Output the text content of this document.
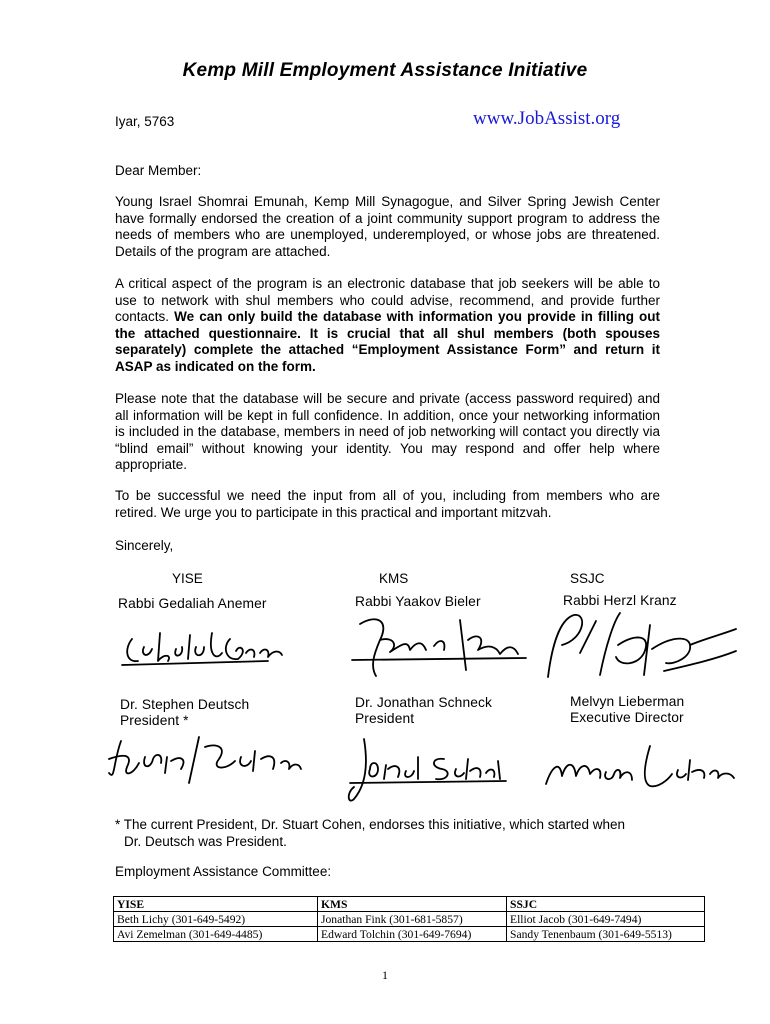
Kemp Mill Employment Assistance Initiative
Iyar, 5763	www.JobAssist.org
Dear Member:
Young Israel Shomrai Emunah, Kemp Mill Synagogue, and Silver Spring Jewish Center have formally endorsed the creation of a joint community support program to address the needs of members who are unemployed, underemployed, or whose jobs are threatened. Details of the program are attached.
A critical aspect of the program is an electronic database that job seekers will be able to use to network with shul members who could advise, recommend, and provide further contacts. We can only build the database with information you provide in filling out the attached questionnaire. It is crucial that all shul members (both spouses separately) complete the attached “Employment Assistance Form” and return it ASAP as indicated on the form.
Please note that the database will be secure and private (access password required) and all information will be kept in full confidence. In addition, once your networking information is included in the database, members in need of job networking will contact you directly via “blind email” without knowing your identity. You may respond and offer help where appropriate.
To be successful we need the input from all of you, including from members who are retired. We urge you to participate in this practical and important mitzvah.
Sincerely,
YISE	KMS	SSJC
Rabbi Gedaliah Anemer	Rabbi Yaakov Bieler	Rabbi Herzl Kranz
Dr. Stephen Deutsch
President *
Dr. Jonathan Schneck
President
Melvyn Lieberman
Executive Director
* The current President, Dr. Stuart Cohen, endorses this initiative, which started when
Dr. Deutsch was President.
Employment Assistance Committee:
YISE	KMS	SSJC
Beth Lichy (301-649-5492)	Jonathan Fink (301-681-5857)	Elliot Jacob (301-649-7494)
Avi Zemelman (301-649-4485)	Edward Tolchin (301-649-7694)	Sandy Tenenbaum (301-649-5513)
1
